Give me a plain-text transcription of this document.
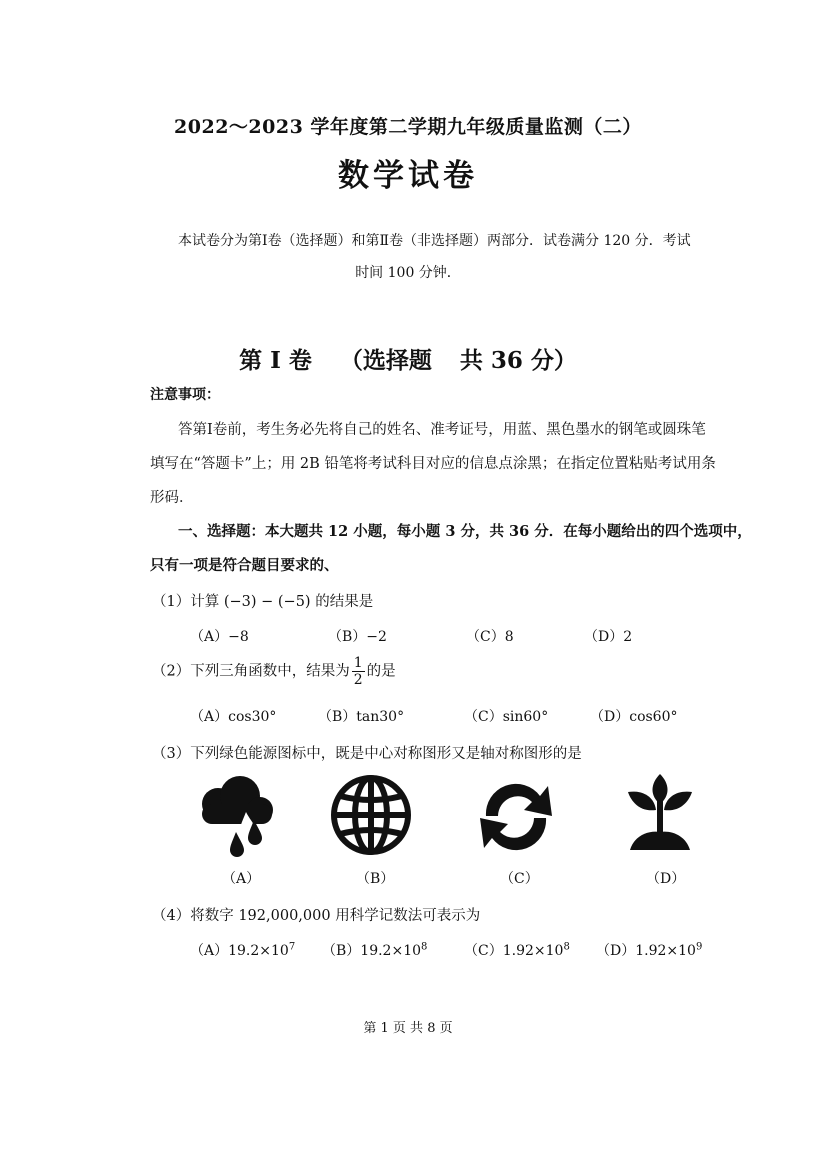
2022～2023 学年度第二学期九年级质量监测（二）
数学试卷
本试卷分为第Ⅰ卷（选择题）和第Ⅱ卷（非选择题）两部分．试卷满分 120 分．考试
时间 100 分钟．
第 Ⅰ 卷 （选择题 共 36 分）
注意事项：
答第Ⅰ卷前，考生务必先将自己的姓名、准考证号，用蓝、黑色墨水的钢笔或圆珠笔
填写在“答题卡”上；用 2B 铅笔将考试科目对应的信息点涂黑；在指定位置粘贴考试用条
形码．
一、选择题：本大题共 12 小题，每小题 3 分，共 36 分．在每小题给出的四个选项中，
只有一项是符合题目要求的、
（1）计算 (−3) − (−5) 的结果是
（A）−8	（B）−2	（C）8	（D）2
（2）下列三角函数中，结果为 $\frac{1}{2}$ 的是
（A）cos30°	（B）tan30°	（C）sin60°	（D）cos60°
（3）下列绿色能源图标中，既是中心对称图形又是轴对称图形的是
（A）	（B）	（C）	（D）
（4）将数字 192,000,000 用科学记数法可表示为
$(A)19.2\times 10^7$ $(B)19.2\times 10^8$	$(C)1.92\times 10^8$ $(D)1.92\times 10^9$
第 1 页 共 8 页
